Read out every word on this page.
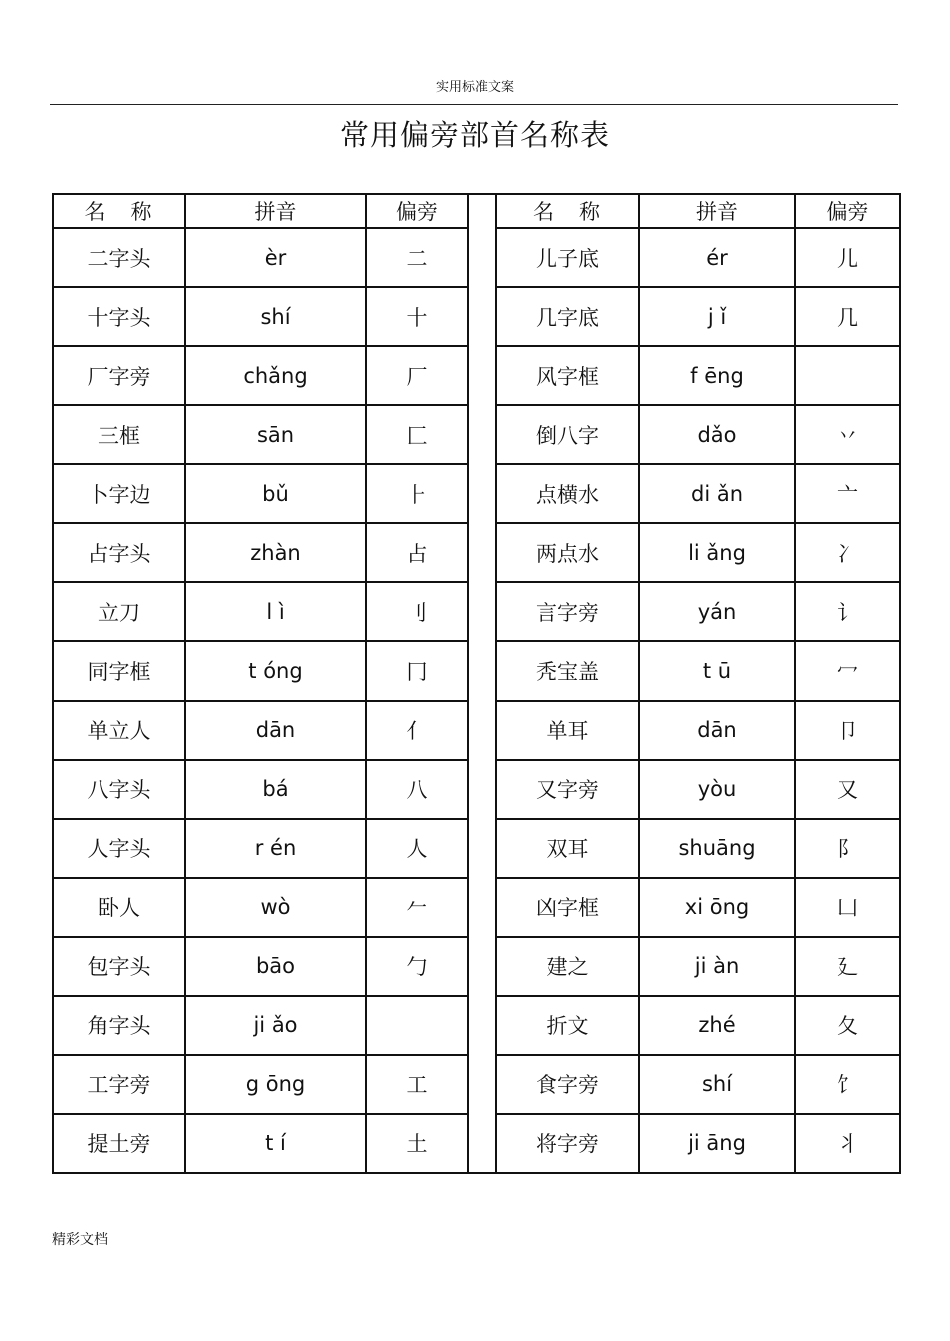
实用标准文案
常用偏旁部首名称表
名　称	拼音	偏旁		名　称	拼音	偏旁
二字头	èr	二		儿子底	ér	儿
十字头	shí	十		几字底	j ǐ	几
厂字旁	chǎng	厂		风字框	f ēng	
三框	sān	匚		倒八字	dǎo	丷
卜字边	bǔ	⺊		点横水	di ǎn	亠
占字头	zhàn	占		两点水	li ǎng	冫
立刀	l ì	刂		言字旁	yán	讠
同字框	t óng	冂		秃宝盖	t ū	冖
单立人	dān	亻		单耳	dān	卩
八字头	bá	八		又字旁	yòu	又
人字头	r én	人		双耳	shuāng	阝
卧人	wò	𠂉		凶字框	xi ōng	凵
包字头	bāo	勹		建之	ji àn	廴
角字头	ji ǎo			折文	zhé	夂
工字旁	g ōng	工		食字旁	shí	饣
提土旁	t í	土		将字旁	ji āng	丬
精彩文档
